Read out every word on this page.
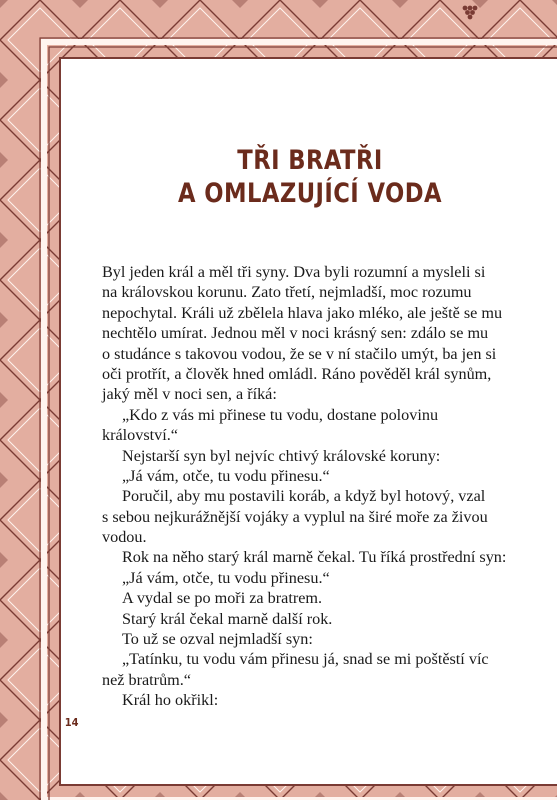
TŘI BRATŘI
A OMLAZUJÍCÍ VODA
Byl jeden král a měl tři syny. Dva byli rozumní a mysleli si
na královskou korunu. Zato třetí, nejmladší, moc rozumu
nepochytal. Králi už zbělela hlava jako mléko, ale ještě se mu
nechtělo umírat. Jednou měl v noci krásný sen: zdálo se mu
o studánce s takovou vodou, že se v ní stačilo umýt, ba jen si
oči protřít, a člověk hned omládl. Ráno pověděl král synům,
jaký měl v noci sen, a říká:
„Kdo z vás mi přinese tu vodu, dostane polovinu
království.“
Nejstarší syn byl nejvíc chtivý královské koruny:
„Já vám, otče, tu vodu přinesu.“
Poručil, aby mu postavili koráb, a když byl hotový, vzal
s sebou nejkurážnější vojáky a vyplul na širé moře za živou
vodou.
Rok na něho starý král marně čekal. Tu říká prostřední syn:
„Já vám, otče, tu vodu přinesu.“
A vydal se po moři za bratrem.
Starý král čekal marně další rok.
To už se ozval nejmladší syn:
„Tatínku, tu vodu vám přinesu já, snad se mi poštěstí víc
než bratrům.“
Král ho okřikl:
14
